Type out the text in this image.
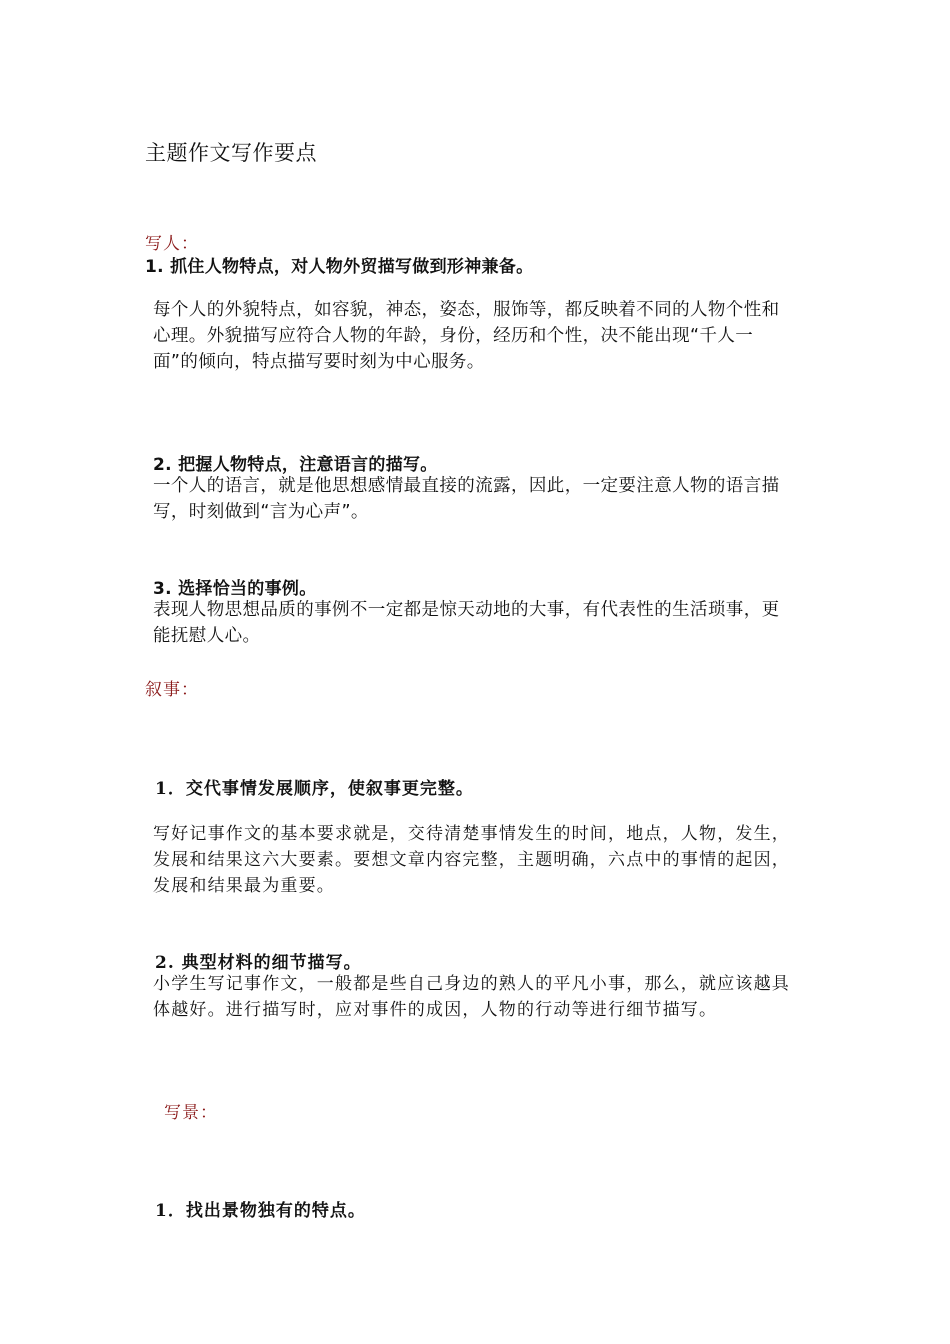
主题作文写作要点
写人：
1. 抓住人物特点，对人物外贸描写做到形神兼备。
每个人的外貌特点，如容貌，神态，姿态，服饰等，都反映着不同的人物个性和心理。外貌描写应符合人物的年龄，身份，经历和个性，决不能出现“千人一面”的倾向，特点描写要时刻为中心服务。
2. 把握人物特点，注意语言的描写。
一个人的语言，就是他思想感情最直接的流露，因此，一定要注意人物的语言描写，时刻做到“言为心声”。
3. 选择恰当的事例。
表现人物思想品质的事例不一定都是惊天动地的大事，有代表性的生活琐事，更能抚慰人心。
叙事：
1．交代事情发展顺序，使叙事更完整。
写好记事作文的基本要求就是，交待清楚事情发生的时间，地点，人物，发生，发展和结果这六大要素。要想文章内容完整，主题明确，六点中的事情的起因，发展和结果最为重要。
2. 典型材料的细节描写。
小学生写记事作文，一般都是些自己身边的熟人的平凡小事，那么，就应该越具体越好。进行描写时，应对事件的成因，人物的行动等进行细节描写。
写景：
1．找出景物独有的特点。
